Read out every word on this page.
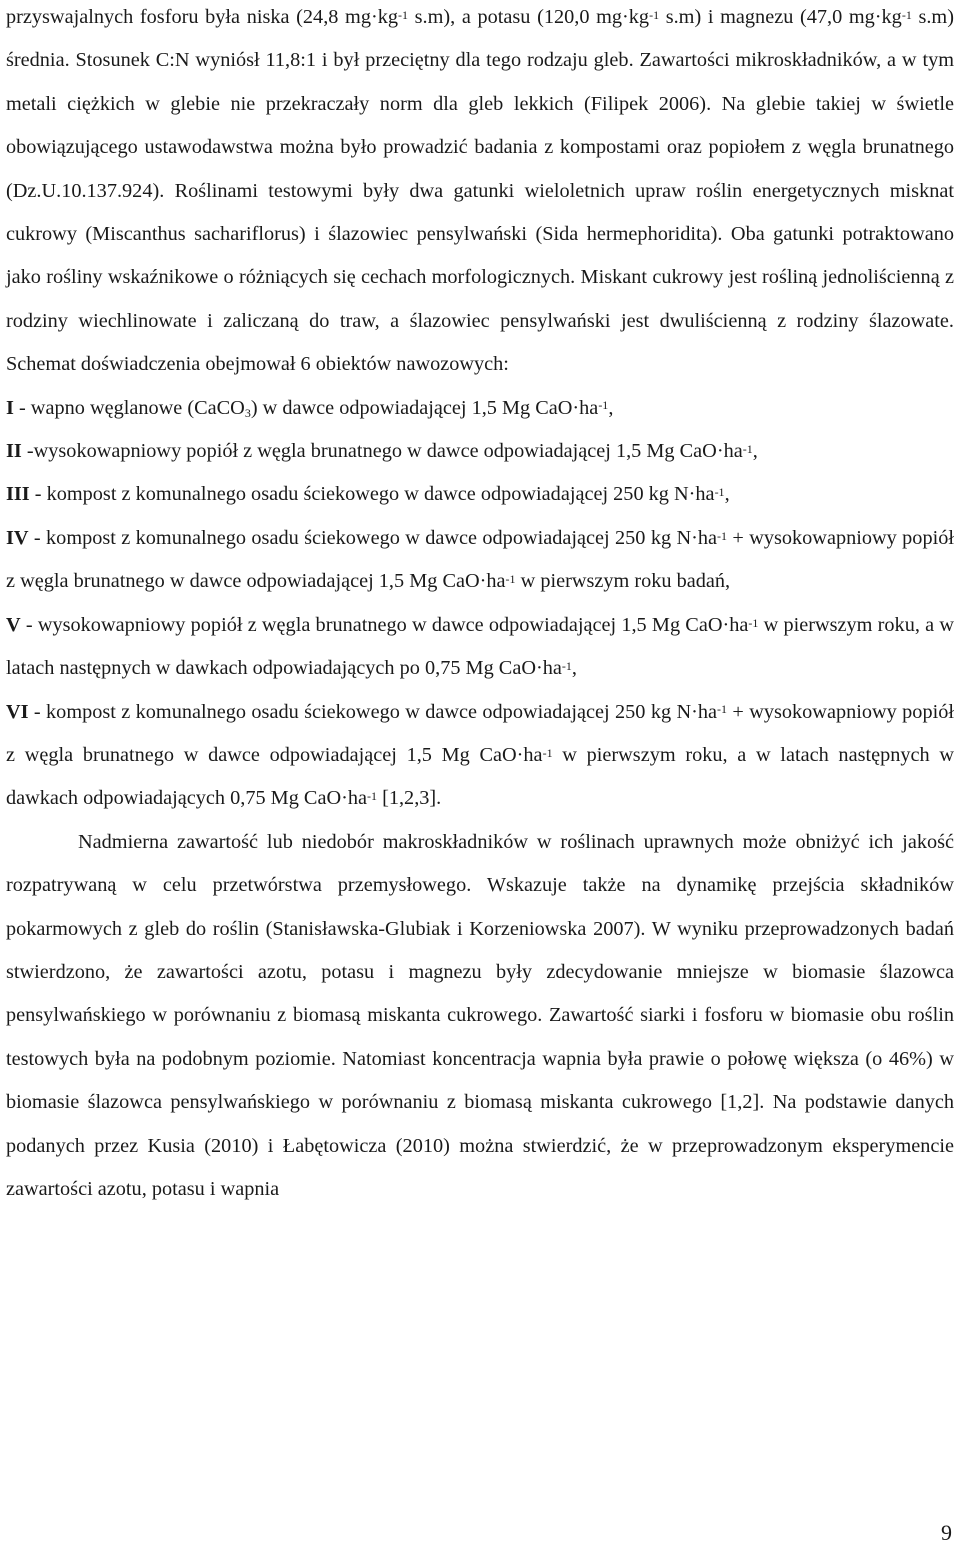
przyswajalnych fosforu była niska (24,8 $mg\cdot kg^{-1}$ s.m), a potasu (120,0 $mg\cdot kg^{-1}$ s.m) i magnezu (47,0 $mg\cdot kg^{-1}$ s.m) średnia. Stosunek C:N wyniósł 11,8:1 i był przeciętny dla tego rodzaju gleb. Zawartości mikroskładników, a w tym metali ciężkich w glebie nie przekraczały norm dla gleb lekkich (Filipek 2006). Na glebie takiej w świetle obowiązującego ustawodawstwa można było prowadzić badania z kompostami oraz popiołem z węgla brunatnego (Dz.U.10.137.924). Roślinami testowymi były dwa gatunki wieloletnich upraw roślin energetycznych misknat cukrowy (Miscanthus sachariflorus) i ślazowiec pensylwański (Sida hermephoridita). Oba gatunki potraktowano jako rośliny wskaźnikowe o różniących się cechach morfologicznych. Miskant cukrowy jest rośliną jednoliścienną z rodziny wiechlinowate i zaliczaną do traw, a ślazowiec pensylwański jest dwuliścienną z rodziny ślazowate. Schemat doświadczenia obejmował 6 obiektów nawozowych:

I - wapno węglanowe (CaCO$_3$) w dawce odpowiadającej 1,5 Mg $CaO\cdot ha^{-1}$,

II -wysokowapniowy popiół z węgla brunatnego w dawce odpowiadającej 1,5 Mg $CaO\cdot ha^{-1}$,

III - kompost z komunalnego osadu ściekowego w dawce odpowiadającej 250 kg $N\cdot ha^{-1}$,

IV - kompost z komunalnego osadu ściekowego w dawce odpowiadającej 250 kg $N\cdot ha^{-1}$ + wysokowapniowy popiół z węgla brunatnego w dawce odpowiadającej 1,5 Mg $CaO\cdot ha^{-1}$ w pierwszym roku badań,

V - wysokowapniowy popiół z węgla brunatnego w dawce odpowiadającej 1,5 Mg $CaO\cdot ha^{-1}$ w pierwszym roku, a w latach następnych w dawkach odpowiadających po 0,75 Mg $CaO\cdot ha^{-1}$,

VI - kompost z komunalnego osadu ściekowego w dawce odpowiadającej 250 kg $N\cdot ha^{-1}$ + wysokowapniowy popiół z węgla brunatnego w dawce odpowiadającej 1,5 Mg $CaO\cdot ha^{-1}$ w pierwszym roku, a w latach następnych w dawkach odpowiadających 0,75 Mg $CaO\cdot ha^{-1}$ [1,2,3].

Nadmierna zawartość lub niedobór makroskładników w roślinach uprawnych może obniżyć ich jakość rozpatrywaną w celu przetwórstwa przemysłowego. Wskazuje także na dynamikę przejścia składników pokarmowych z gleb do roślin (Stanisławska-Glubiak i Korzeniowska 2007). W wyniku przeprowadzonych badań stwierdzono, że zawartości azotu, potasu i magnezu były zdecydowanie mniejsze w biomasie ślazowca pensylwańskiego w porównaniu z biomasą miskanta cukrowego. Zawartość siarki i fosforu w biomasie obu roślin testowych była na podobnym poziomie. Natomiast koncentracja wapnia była prawie o połowę większa (o 46%) w biomasie ślazowca pensylwańskiego w porównaniu z biomasą miskanta cukrowego [1,2]. Na podstawie danych podanych przez Kusia (2010) i Łabętowicza (2010) można stwierdzić, że w przeprowadzonym eksperymencie zawartości azotu, potasu i wapnia

9
